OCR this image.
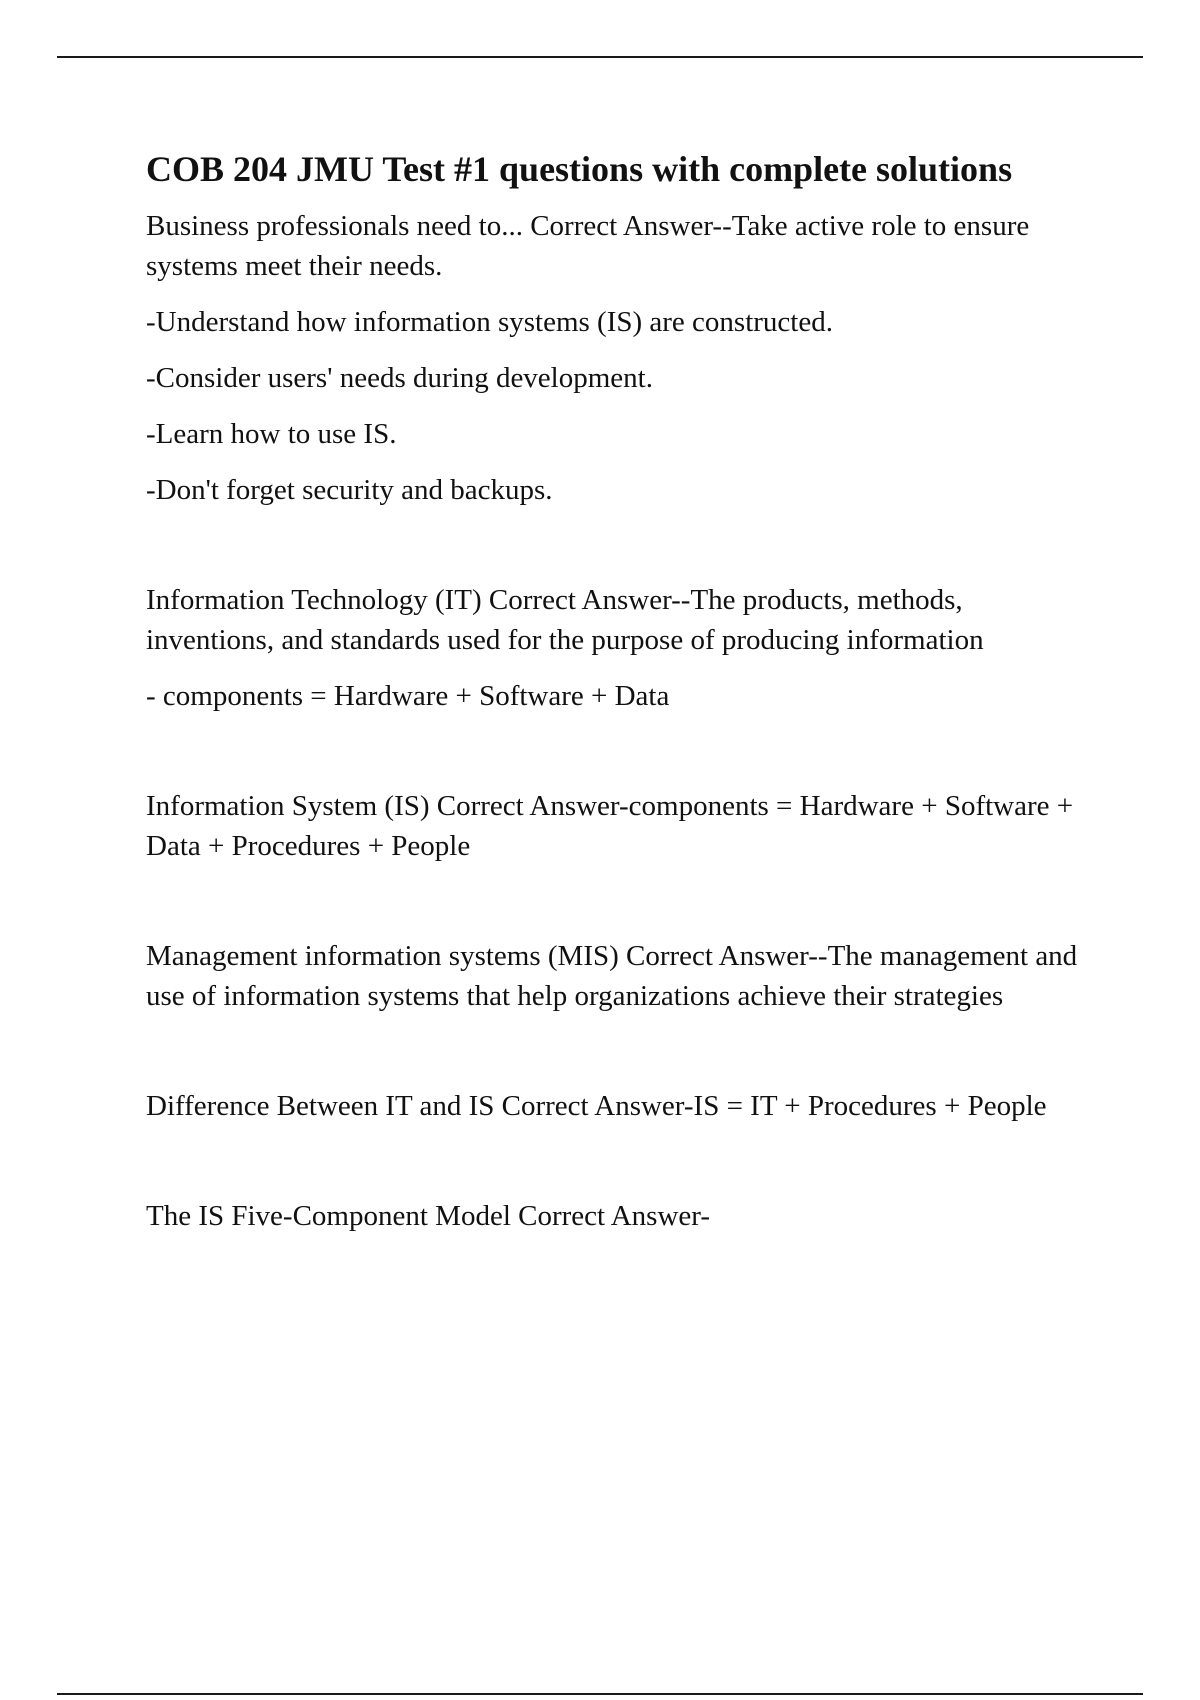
COB 204 JMU Test #1 questions with complete solutions
Business professionals need to... Correct Answer--Take active role to ensure systems meet their needs.
-Understand how information systems (IS) are constructed.
-Consider users' needs during development.
-Learn how to use IS.
-Don't forget security and backups.
Information Technology (IT) Correct Answer--The products, methods, inventions, and standards used for the purpose of producing information
- components = Hardware + Software + Data
Information System (IS) Correct Answer-components = Hardware + Software + Data + Procedures + People
Management information systems (MIS) Correct Answer--The management and use of information systems that help organizations achieve their strategies
Difference Between IT and IS Correct Answer-IS = IT + Procedures + People
The IS Five-Component Model Correct Answer-
